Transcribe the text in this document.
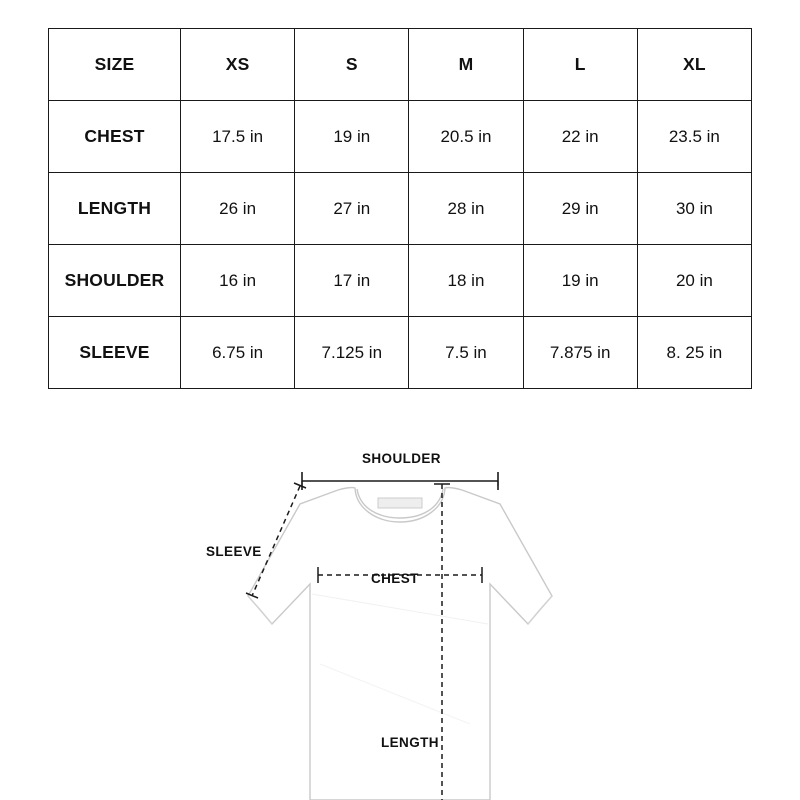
SIZE	XS	S	M	L	XL
CHEST	17.5 in	19 in	20.5 in	22 in	23.5 in
LENGTH	26 in	27 in	28 in	29 in	30 in
SHOULDER	16 in	17 in	18 in	19 in	20 in
SLEEVE	6.75 in	7.125 in	7.5 in	7.875 in	8. 25 in
SHOULDER
SLEEVE
CHEST
LENGTH
